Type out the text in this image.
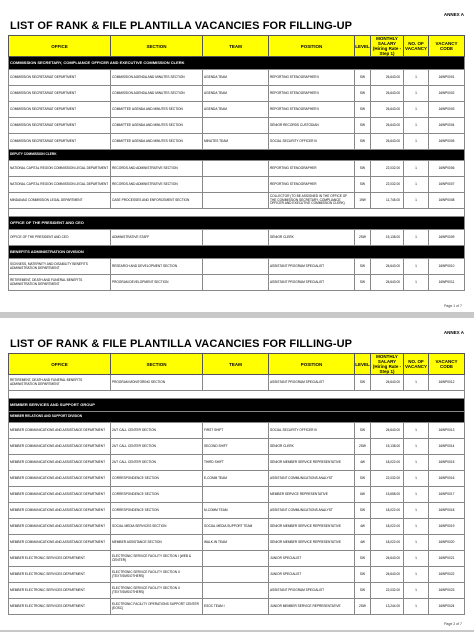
ANNEX A
LIST OF RANK & FILE PLANTILLA VACANCIES FOR FILLING-UP
OFFICE	SECTION	TEAM	POSITION	LEVEL	MONTHLY SALARY (Hiring Rate - Step 1)	NO. OF VACANCY	VACANCY CODE
COMMISSION SECRETARY, COMPLIANCE OFFICER AND EXECUTIVE COMMISSION CLERK							
COMMISSION SECRETARIAT DEPARTMENT	COMMISSION AGENDA AND MINUTES SECTION	AGENDA TEAM	REPORTING STENOGRAPHER II	SW	26,643.00	1	16WP0001
COMMISSION SECRETARIAT DEPARTMENT	COMMISSION AGENDA AND MINUTES SECTION	AGENDA TEAM	REPORTING STENOGRAPHER II	SW	26,643.00	1	16WP0002
COMMISSION SECRETARIAT DEPARTMENT	COMMITTEE AGENDA AND MINUTES SECTION	AGENDA TEAM	REPORTING STENOGRAPHER II	SW	26,643.00	1	16WP0003
COMMISSION SECRETARIAT DEPARTMENT	COMMITTEE AGENDA AND MINUTES SECTION		SENIOR RECORDS CUSTODIAN	SW	26,643.00	1	16WP0004
COMMISSION SECRETARIAT DEPARTMENT	COMMITTEE AGENDA AND MINUTES SECTION	MINUTES TEAM	SOCIAL SECURITY OFFICER III	SW	26,643.00	1	16WP0005
DEPUTY COMMISSION CLERK							
NATIONAL CAPITAL REGION COMMISSION LEGAL DEPARTMENT	RECORDS AND ADMINISTRATIVE SECTION		REPORTING STENOGRAPHER	SW	22,032.00	1	16WP0006
NATIONAL CAPITAL REGION COMMISSION LEGAL DEPARTMENT	RECORDS AND ADMINISTRATIVE SECTION		REPORTING STENOGRAPHER	SW	22,032.00	1	16WP0007
MINDANAO COMMISSION LEGAL DEPARTMENT	CASE PROCESSES AND ENFORCEMENT SECTION		COLLECTOR (TO BE ASSIGNED IN THE OFFICE OF THE COMMISSION SECRETARY, COMPLIANCE OFFICER AND EXECUTIVE COMMISSION CLERK)	19W	11,745.00	1	16WP0008

OFFICE OF THE PRESIDENT AND CEO							
OFFICE OF THE PRESIDENT AND CEO	ADMINISTRATIVE STAFF		SENIOR CLERK	2SW	15,138.00	1	16WP0009
BENEFITS ADMINISTRATION DIVISION							
SICKNESS, MATERNITY AND DISABILITY BENEFITS ADMINISTRATION DEPARTMENT	RESEARCH AND DEVELOPMENT SECTION		ASSISTANT PROGRAM SPECIALIST	SW	26,643.00	1	16WP0010
RETIREMENT, DEATH AND FUNERAL BENEFITS ADMINISTRATION DEPARTMENT	PROGRAM DEVELOPMENT SECTION		ASSISTANT PROGRAM SPECIALIST	SW	26,643.00	1	16WP0011
Page 1 of 7
ANNEX A
LIST OF RANK & FILE PLANTILLA VACANCIES FOR FILLING-UP
OFFICE	SECTION	TEAM	POSITION	LEVEL	MONTHLY SALARY (Hiring Rate - Step 1)	NO. OF VACANCY	VACANCY CODE
RETIREMENT, DEATH AND FUNERAL BENEFITS ADMINISTRATION DEPARTMENT	PROGRAM MONITORING SECTION		ASSISTANT PROGRAM SPECIALIST	SW	26,643.00	1	16WP0012

MEMBER SERVICES AND SUPPORT GROUP							
MEMBER RELATIONS AND SUPPORT DIVISION							
MEMBER COMMUNICATIONS AND ASSISTANCE DEPARTMENT	24/7 CALL CENTER SECTION	FIRST SHIFT	SOCIAL SECURITY OFFICER III	SW	26,643.00	1	16WP0013
MEMBER COMMUNICATIONS AND ASSISTANCE DEPARTMENT	24/7 CALL CENTER SECTION	SECOND SHIFT	SENIOR CLERK	2SW	15,138.00	1	16WP0014
MEMBER COMMUNICATIONS AND ASSISTANCE DEPARTMENT	24/7 CALL CENTER SECTION	THIRD SHIFT	SENIOR MEMBER SERVICE REPRESENTATIVE	4W	18,022.00	1	16WP0015
MEMBER COMMUNICATIONS AND ASSISTANCE DEPARTMENT	CORRESPONDENCE SECTION	E-COMM TEAM	ASSISTANT COMMUNICATIONS ANALYST	SW	22,032.00	1	16WP0016
MEMBER COMMUNICATIONS AND ASSISTANCE DEPARTMENT	CORRESPONDENCE SECTION		MEMBER SERVICE REPRESENTATIVE	6W	15,658.00	1	16WP0017
MEMBER COMMUNICATIONS AND ASSISTANCE DEPARTMENT	CORRESPONDENCE SECTION	M-COMM TEAM	ASSISTANT COMMUNICATIONS ANALYST	SW	18,022.00	1	16WP0018
MEMBER COMMUNICATIONS AND ASSISTANCE DEPARTMENT	SOCIAL MEDIA SERVICES SECTION	SOCIAL MEDIA SUPPORT TEAM	SENIOR MEMBER SERVICE REPRESENTATIVE	4W	18,022.00	1	16WP0019
MEMBER COMMUNICATIONS AND ASSISTANCE DEPARTMENT	MEMBER ASSISTANCE SECTION	WALK-IN TEAM	SENIOR MEMBER SERVICE REPRESENTATIVE	4W	18,022.00	1	16WP0020
MEMBER ELECTRONIC SERVICES DEPARTMENT	ELECTRONIC SERVICE FACILITY SECTION I (WEB & CENTER)		JUNIOR SPECIALIST	SW	26,643.00	1	16WP0021
MEMBER ELECTRONIC SERVICES DEPARTMENT	ELECTRONIC SERVICE FACILITY SECTION II (TEXT/SMS/OTHERS)		JUNIOR SPECIALIST	SW	26,643.00	1	16WP0022
MEMBER ELECTRONIC SERVICES DEPARTMENT	ELECTRONIC SERVICE FACILITY SECTION II (TEXT/SMS/OTHERS)		ASSISTANT PROGRAM SPECIALIST	SW	22,032.00	1	16WP0023
MEMBER ELECTRONIC SERVICES DEPARTMENT	ELECTRONIC FACILITY OPERATIONS SUPPORT CENTER (EOSC)	ESOC TEAM I	JUNIOR MEMBER SERVICE REPRESENTATIVE	2SW	13,244.00	1	16WP0024
Page 2 of 7
